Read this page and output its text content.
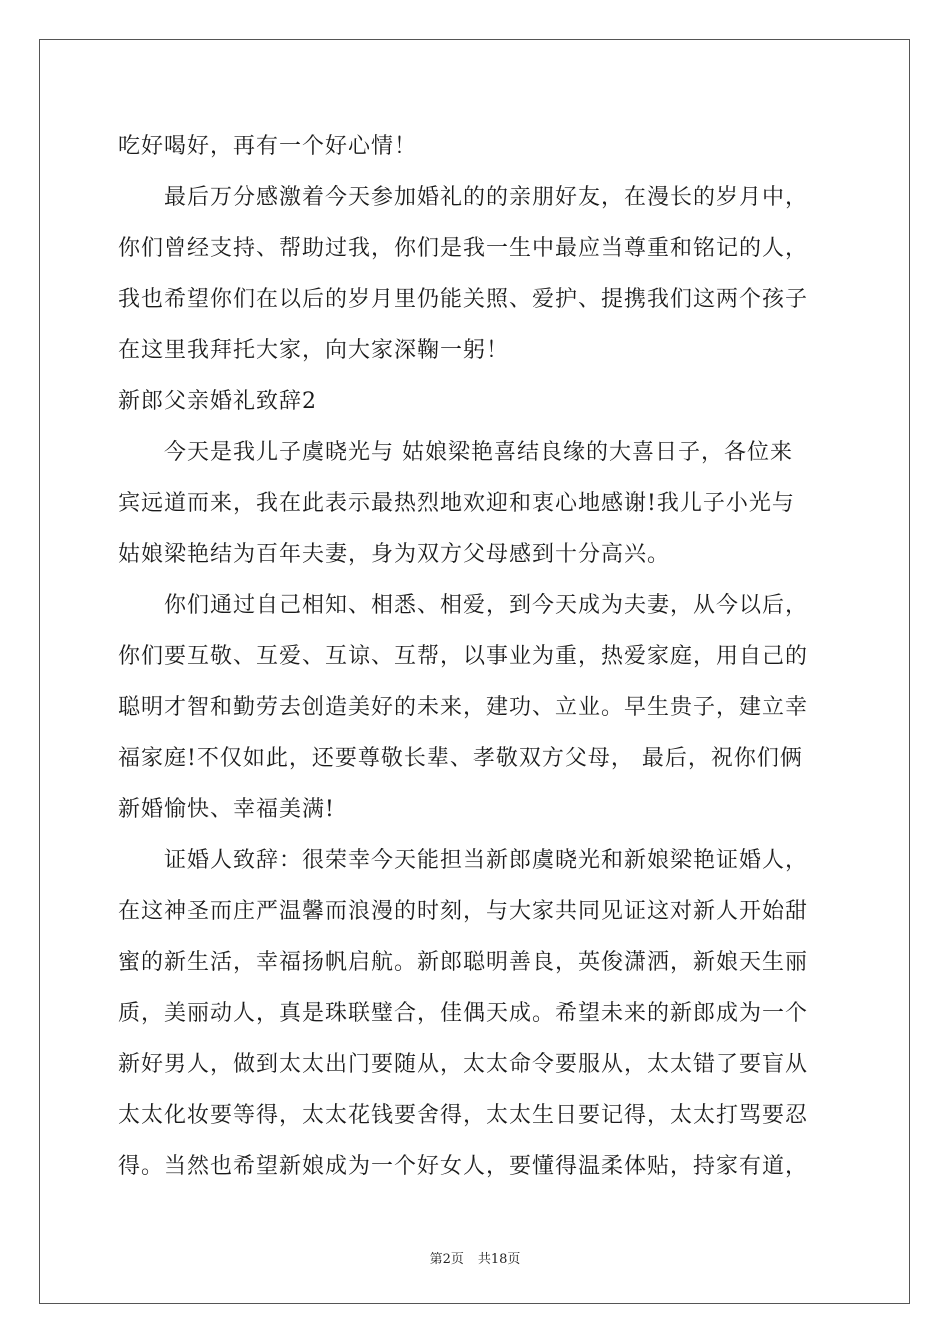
吃好喝好，再有一个好心情！
最后万分感激着今天参加婚礼的的亲朋好友，在漫长的岁月中，
你们曾经支持、帮助过我，你们是我一生中最应当尊重和铭记的人，
我也希望你们在以后的岁月里仍能关照、爱护、提携我们这两个孩子
在这里我拜托大家，向大家深鞠一躬！
新郎父亲婚礼致辞2
今天是我儿子虞晓光与 姑娘梁艳喜结良缘的大喜日子，各位来
宾远道而来，我在此表示最热烈地欢迎和衷心地感谢!我儿子小光与
姑娘梁艳结为百年夫妻，身为双方父母感到十分高兴。
你们通过自己相知、相悉、相爱，到今天成为夫妻，从今以后，
你们要互敬、互爱、互谅、互帮，以事业为重，热爱家庭，用自己的
聪明才智和勤劳去创造美好的未来，建功、立业。早生贵子，建立幸
福家庭!不仅如此，还要尊敬长辈、孝敬双方父母， 最后，祝你们俩
新婚愉快、幸福美满!
证婚人致辞：很荣幸今天能担当新郎虞晓光和新娘梁艳证婚人，
在这神圣而庄严温馨而浪漫的时刻，与大家共同见证这对新人开始甜
蜜的新生活，幸福扬帆启航。新郎聪明善良，英俊潇洒，新娘天生丽
质，美丽动人，真是珠联璧合，佳偶天成。希望未来的新郎成为一个
新好男人，做到太太出门要随从，太太命令要服从，太太错了要盲从
太太化妆要等得，太太花钱要舍得，太太生日要记得，太太打骂要忍
得。当然也希望新娘成为一个好女人，要懂得温柔体贴，持家有道，
第2页 共18页
